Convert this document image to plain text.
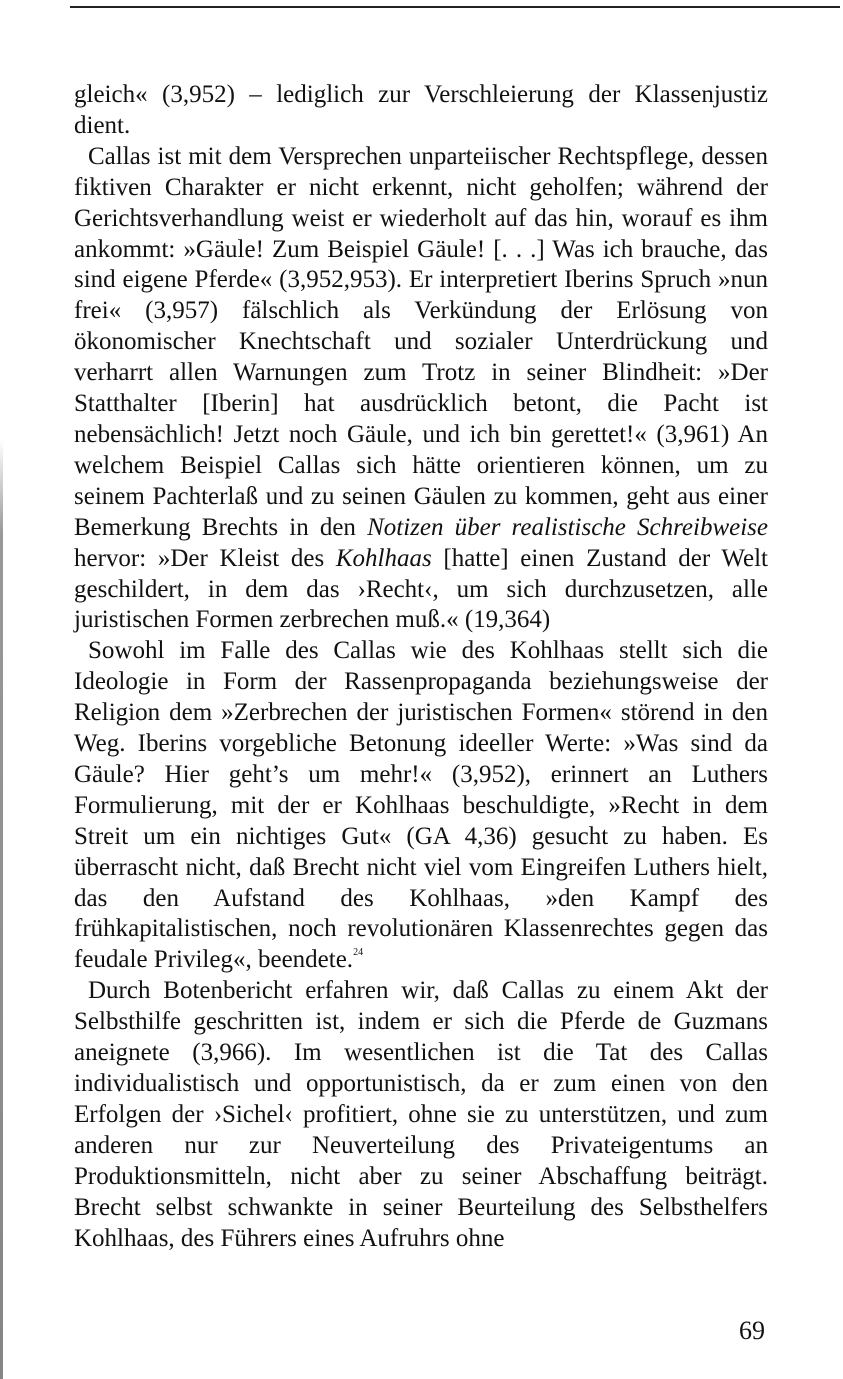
gleich« (3,952) – lediglich zur Verschleierung der Klassenjustiz dient.

Callas ist mit dem Versprechen unparteiischer Rechtspflege, dessen fiktiven Charakter er nicht erkennt, nicht geholfen; während der Gerichtsverhandlung weist er wiederholt auf das hin, worauf es ihm ankommt: »Gäule! Zum Beispiel Gäule! [. . .] Was ich brauche, das sind eigene Pferde« (3,952,953). Er interpretiert Iberins Spruch »nun frei« (3,957) fälschlich als Verkündung der Erlösung von ökonomischer Knechtschaft und sozialer Unterdrückung und verharrt allen Warnungen zum Trotz in seiner Blindheit: »Der Statthalter [Iberin] hat ausdrücklich betont, die Pacht ist nebensächlich! Jetzt noch Gäule, und ich bin gerettet!« (3,961) An welchem Beispiel Callas sich hätte orientieren können, um zu seinem Pachterlaß und zu seinen Gäulen zu kommen, geht aus einer Bemerkung Brechts in den Notizen über realistische Schreibweise hervor: »Der Kleist des Kohlhaas [hatte] einen Zustand der Welt geschildert, in dem das ›Recht‹, um sich durchzusetzen, alle juristischen Formen zerbrechen muß.« (19,364)

Sowohl im Falle des Callas wie des Kohlhaas stellt sich die Ideologie in Form der Rassenpropaganda beziehungsweise der Religion dem »Zerbrechen der juristischen Formen« störend in den Weg. Iberins vorgebliche Betonung ideeller Werte: »Was sind da Gäule? Hier geht’s um mehr!« (3,952), erinnert an Luthers Formulierung, mit der er Kohlhaas beschuldigte, »Recht in dem Streit um ein nichtiges Gut« (GA 4,36) gesucht zu haben. Es überrascht nicht, daß Brecht nicht viel vom Eingreifen Luthers hielt, das den Aufstand des Kohlhaas, »den Kampf des frühkapitalistischen, noch revolutionären Klassenrechtes gegen das feudale Privileg«, beendete.$^{24}$

Durch Botenbericht erfahren wir, daß Callas zu einem Akt der Selbsthilfe geschritten ist, indem er sich die Pferde de Guzmans aneignete (3,966). Im wesentlichen ist die Tat des Callas individualistisch und opportunistisch, da er zum einen von den Erfolgen der ›Sichel‹ profitiert, ohne sie zu unterstützen, und zum anderen nur zur Neuverteilung des Privateigentums an Produktionsmitteln, nicht aber zu seiner Abschaffung beiträgt. Brecht selbst schwankte in seiner Beurteilung des Selbsthelfers Kohlhaas, des Führers eines Aufruhrs ohne

69
